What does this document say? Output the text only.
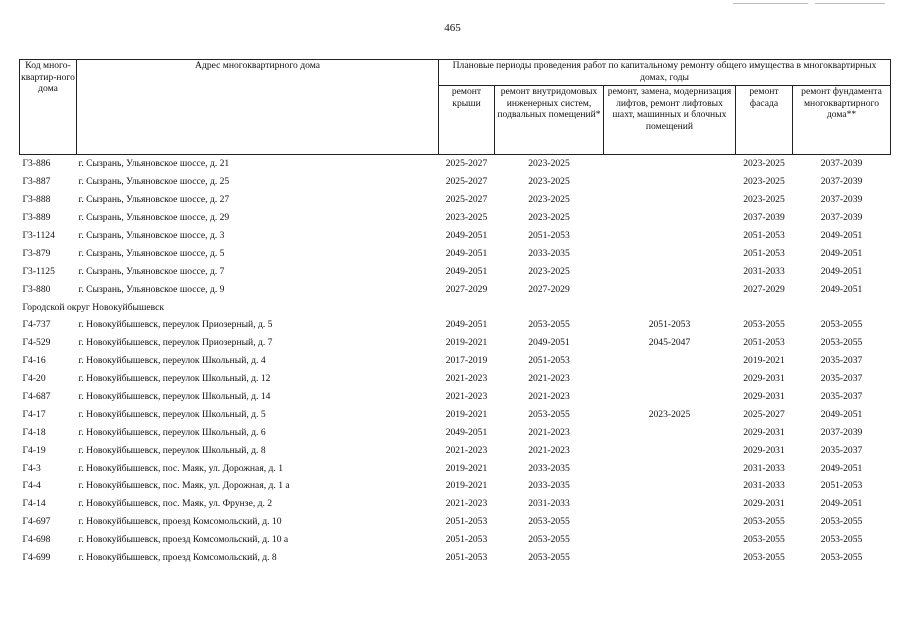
465
Код много-квартир-ного дома	Адрес многоквартирного дома	Плановые периоды проведения работ по капитальному ремонту общего имущества в многоквартирных домах, годы				
		ремонт крыши	ремонт внутридомовых инженерных систем, подвальных помещений*	ремонт, замена, модернизация лифтов, ремонт лифтовых шахт, машинных и блочных помещений	ремонт фасада	ремонт фундамента многоквартирного дома**
Г3-886	г. Сызрань, Ульяновское шоссе, д. 21	2025-2027	2023-2025		2023-2025	2037-2039
Г3-887	г. Сызрань, Ульяновское шоссе, д. 25	2025-2027	2023-2025		2023-2025	2037-2039
Г3-888	г. Сызрань, Ульяновское шоссе, д. 27	2025-2027	2023-2025		2023-2025	2037-2039
Г3-889	г. Сызрань, Ульяновское шоссе, д. 29	2023-2025	2023-2025		2037-2039	2037-2039
Г3-1124	г. Сызрань, Ульяновское шоссе, д. 3	2049-2051	2051-2053		2051-2053	2049-2051
Г3-879	г. Сызрань, Ульяновское шоссе, д. 5	2049-2051	2033-2035		2051-2053	2049-2051
Г3-1125	г. Сызрань, Ульяновское шоссе, д. 7	2049-2051	2023-2025		2031-2033	2049-2051
Г3-880	г. Сызрань, Ульяновское шоссе, д. 9	2027-2029	2027-2029		2027-2029	2049-2051
Городской округ Новокуйбышевск						
Г4-737	г. Новокуйбышевск, переулок Приозерный, д. 5	2049-2051	2053-2055	2051-2053	2053-2055	2053-2055
Г4-529	г. Новокуйбышевск, переулок Приозерный, д. 7	2019-2021	2049-2051	2045-2047	2051-2053	2053-2055
Г4-16	г. Новокуйбышевск, переулок Школьный, д. 4	2017-2019	2051-2053		2019-2021	2035-2037
Г4-20	г. Новокуйбышевск, переулок Школьный, д. 12	2021-2023	2021-2023		2029-2031	2035-2037
Г4-687	г. Новокуйбышевск, переулок Школьный, д. 14	2021-2023	2021-2023		2029-2031	2035-2037
Г4-17	г. Новокуйбышевск, переулок Школьный, д. 5	2019-2021	2053-2055	2023-2025	2025-2027	2049-2051
Г4-18	г. Новокуйбышевск, переулок Школьный, д. 6	2049-2051	2021-2023		2029-2031	2037-2039
Г4-19	г. Новокуйбышевск, переулок Школьный, д. 8	2021-2023	2021-2023		2029-2031	2035-2037
Г4-3	г. Новокуйбышевск, пос. Маяк, ул. Дорожная, д. 1	2019-2021	2033-2035		2031-2033	2049-2051
Г4-4	г. Новокуйбышевск, пос. Маяк, ул. Дорожная, д. 1 а	2019-2021	2033-2035		2031-2033	2051-2053
Г4-14	г. Новокуйбышевск, пос. Маяк, ул. Фрунзе, д. 2	2021-2023	2031-2033		2029-2031	2049-2051
Г4-697	г. Новокуйбышевск, проезд Комсомольский, д. 10	2051-2053	2053-2055		2053-2055	2053-2055
Г4-698	г. Новокуйбышевск, проезд Комсомольский, д. 10 а	2051-2053	2053-2055		2053-2055	2053-2055
Г4-699	г. Новокуйбышевск, проезд Комсомольский, д. 8	2051-2053	2053-2055		2053-2055	2053-2055
